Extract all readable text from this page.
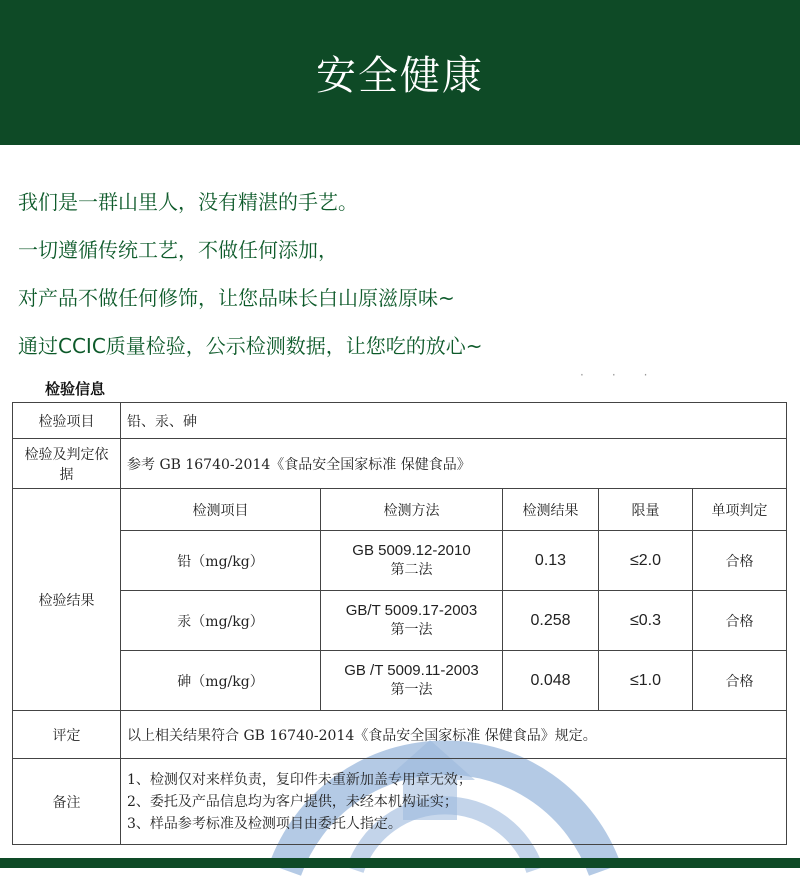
安全健康

我们是一群山里人，没有精湛的手艺。

一切遵循传统工艺，不做任何添加，

对产品不做任何修饰，让您品味长白山原滋原味~

通过CCIC质量检验，公示检测数据，让您吃的放心~

检验信息
···
检验项目	铅、汞、砷				
检验及判定依据	参考 GB 16740-2014《食品安全国家标准 保健食品》				
检验结果	检测项目	检测方法	检测结果	限量	单项判定
	铅（mg/kg）	GB 5009.12-2010
第二法	0.13	≤2.0	合格
	汞（mg/kg）	GB/T 5009.17-2003
第一法	0.258	≤0.3	合格
	砷（mg/kg）	GB /T 5009.11-2003
第一法	0.048	≤1.0	合格
评定	以上相关结果符合 GB 16740-2014《食品安全国家标准 保健食品》规定。				
备注	1、检测仅对来样负责，复印件未重新加盖专用章无效；
2、委托及产品信息均为客户提供，未经本机构证实；
3、样品参考标准及检测项目由委托人指定。				
